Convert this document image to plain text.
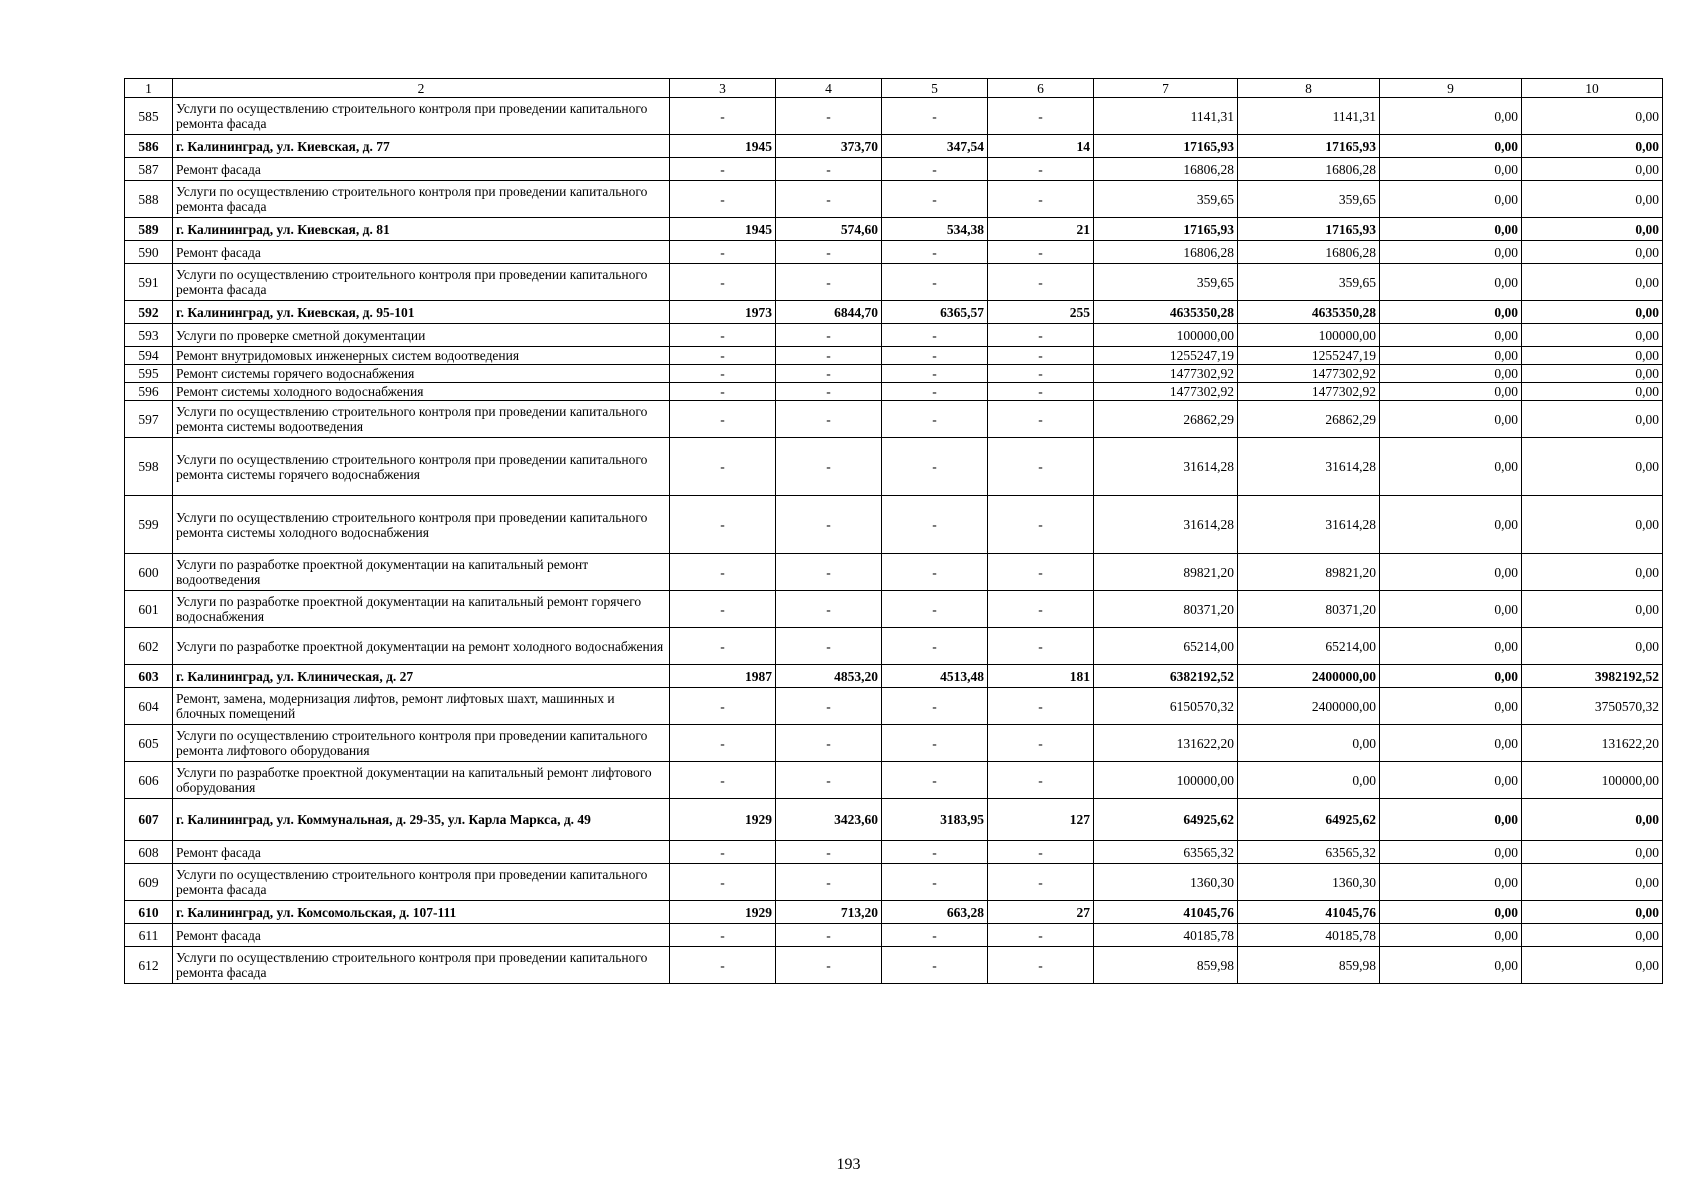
1	2	3	4	5	6	7	8	9	10
585	Услуги по осуществлению строительного контроля при проведении капитального ремонта фасада	-	-	-	-	1141,31	1141,31	0,00	0,00
586	г. Калининград, ул. Киевская, д. 77	1945	373,70	347,54	14	17165,93	17165,93	0,00	0,00
587	Ремонт фасада	-	-	-	-	16806,28	16806,28	0,00	0,00
588	Услуги по осуществлению строительного контроля при проведении капитального ремонта фасада	-	-	-	-	359,65	359,65	0,00	0,00
589	г. Калининград, ул. Киевская, д. 81	1945	574,60	534,38	21	17165,93	17165,93	0,00	0,00
590	Ремонт фасада	-	-	-	-	16806,28	16806,28	0,00	0,00
591	Услуги по осуществлению строительного контроля при проведении капитального ремонта фасада	-	-	-	-	359,65	359,65	0,00	0,00
592	г. Калининград, ул. Киевская, д. 95-101	1973	6844,70	6365,57	255	4635350,28	4635350,28	0,00	0,00
593	Услуги по проверке сметной документации	-	-	-	-	100000,00	100000,00	0,00	0,00
594	Ремонт внутридомовых инженерных систем водоотведения	-	-	-	-	1255247,19	1255247,19	0,00	0,00
595	Ремонт системы горячего водоснабжения	-	-	-	-	1477302,92	1477302,92	0,00	0,00
596	Ремонт системы холодного водоснабжения	-	-	-	-	1477302,92	1477302,92	0,00	0,00
597	Услуги по осуществлению строительного контроля при проведении капитального ремонта системы водоотведения	-	-	-	-	26862,29	26862,29	0,00	0,00
598	Услуги по осуществлению строительного контроля при проведении капитального ремонта системы горячего водоснабжения	-	-	-	-	31614,28	31614,28	0,00	0,00
599	Услуги по осуществлению строительного контроля при проведении капитального ремонта системы холодного водоснабжения	-	-	-	-	31614,28	31614,28	0,00	0,00
600	Услуги по разработке проектной документации на капитальный ремонт водоотведения	-	-	-	-	89821,20	89821,20	0,00	0,00
601	Услуги по разработке проектной документации на капитальный ремонт горячего водоснабжения	-	-	-	-	80371,20	80371,20	0,00	0,00
602	Услуги по разработке проектной документации на ремонт холодного водоснабжения	-	-	-	-	65214,00	65214,00	0,00	0,00
603	г. Калининград, ул. Клиническая, д. 27	1987	4853,20	4513,48	181	6382192,52	2400000,00	0,00	3982192,52
604	Ремонт, замена, модернизация лифтов, ремонт лифтовых шахт, машинных и блочных помещений	-	-	-	-	6150570,32	2400000,00	0,00	3750570,32
605	Услуги по осуществлению строительного контроля при проведении капитального ремонта лифтового оборудования	-	-	-	-	131622,20	0,00	0,00	131622,20
606	Услуги по разработке проектной документации на капитальный ремонт лифтового оборудования	-	-	-	-	100000,00	0,00	0,00	100000,00
607	г. Калининград, ул. Коммунальная, д. 29-35, ул. Карла Маркса, д. 49	1929	3423,60	3183,95	127	64925,62	64925,62	0,00	0,00
608	Ремонт фасада	-	-	-	-	63565,32	63565,32	0,00	0,00
609	Услуги по осуществлению строительного контроля при проведении капитального ремонта фасада	-	-	-	-	1360,30	1360,30	0,00	0,00
610	г. Калининград, ул. Комсомольская, д. 107-111	1929	713,20	663,28	27	41045,76	41045,76	0,00	0,00
611	Ремонт фасада	-	-	-	-	40185,78	40185,78	0,00	0,00
612	Услуги по осуществлению строительного контроля при проведении капитального ремонта фасада	-	-	-	-	859,98	859,98	0,00	0,00
193
